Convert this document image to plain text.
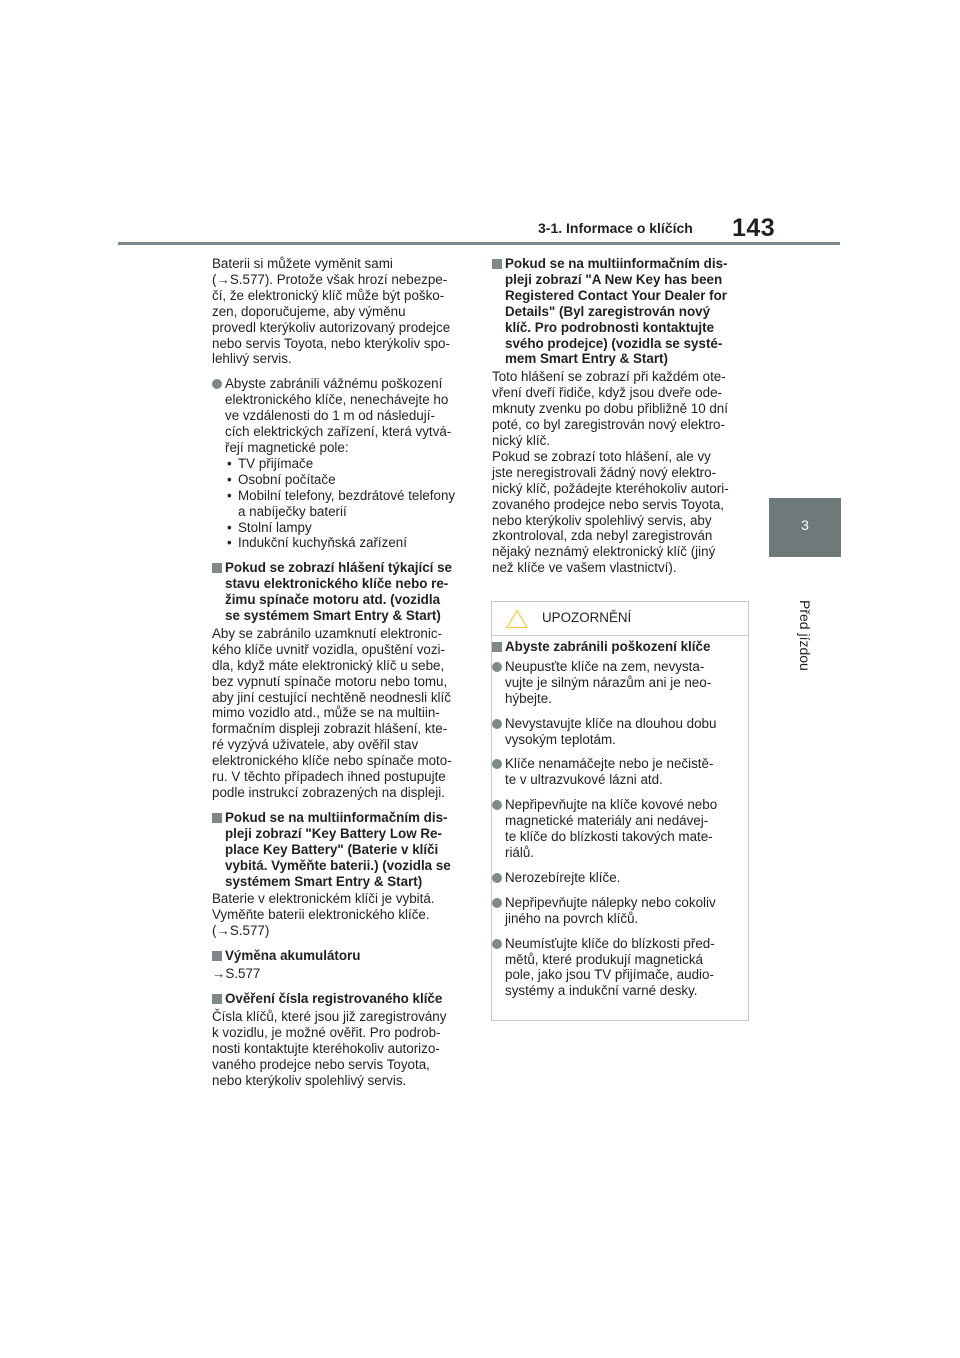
3-1. Informace o klíčích 143
3
Před jízdou

Baterii si můžete vyměnit sami
(→S.577). Protože však hrozí nebezpe-
čí, že elektronický klíč může být poško-
zen, doporučujeme, aby výměnu
provedl kterýkoliv autorizovaný prodejce
nebo servis Toyota, nebo kterýkoliv spo-
lehlivý servis.

Abyste zabránili vážnému poškození
elektronického klíče, nenechávejte ho
ve vzdálenosti do 1 m od následují-
cích elektrických zařízení, která vytvá-
řejí magnetické pole:
• TV přijímače
• Osobní počítače
• Mobilní telefony, bezdrátové telefony
a nabíječky baterií
• Stolní lampy
• Indukční kuchyňská zařízení
Pokud se zobrazí hlášení týkající se
stavu elektronického klíče nebo re-
žimu spínače motoru atd. (vozidla
se systémem Smart Entry & Start)

Aby se zabránilo uzamknutí elektronic-
kého klíče uvnitř vozidla, opuštění vozi-
dla, když máte elektronický klíč u sebe,
bez vypnutí spínače motoru nebo tomu,
aby jiní cestující nechtěně neodnesli klíč
mimo vozidlo atd., může se na multiin-
formačním displeji zobrazit hlášení, kte-
ré vyzývá uživatele, aby ověřil stav
elektronického klíče nebo spínače moto-
ru. V těchto případech ihned postupujte
podle instrukcí zobrazených na displeji.

Pokud se na multiinformačním dis-
pleji zobrazí "Key Battery Low Re-
place Key Battery" (Baterie v klíči
vybitá. Vyměňte baterii.) (vozidla se
systémem Smart Entry & Start)

Baterie v elektronickém klíči je vybitá.
Vyměňte baterii elektronického klíče.
(→S.577)

Výměna akumulátoru

→S.577

Ověření čísla registrovaného klíče

Čísla klíčů, které jsou již zaregistrovány
k vozidlu, je možné ověřit. Pro podrob-
nosti kontaktujte kteréhokoliv autorizo-
vaného prodejce nebo servis Toyota,
nebo kterýkoliv spolehlivý servis.

Pokud se na multiinformačním dis-
pleji zobrazí "A New Key has been
Registered Contact Your Dealer for
Details" (Byl zaregistrován nový
klíč. Pro podrobnosti kontaktujte
svého prodejce) (vozidla se systé-
mem Smart Entry & Start)

Toto hlášení se zobrazí při každém ote-
vření dveří řidiče, když jsou dveře ode-
mknuty zvenku po dobu přibližně 10 dní
poté, co byl zaregistrován nový elektro-
nický klíč.
Pokud se zobrazí toto hlášení, ale vy
jste neregistrovali žádný nový elektro-
nický klíč, požádejte kteréhokoliv autori-
zovaného prodejce nebo servis Toyota,
nebo kterýkoliv spolehlivý servis, aby
zkontroloval, zda nebyl zaregistrován
nějaký neznámý elektronický klíč (jiný
než klíče ve vašem vlastnictví).

UPOZORNĚNÍ
Abyste zabránili poškození klíče
Neupusťte klíče na zem, nevysta-
vujte je silným nárazům ani je neo-
hýbejte.
Nevystavujte klíče na dlouhou dobu
vysokým teplotám.
Klíče nenamáčejte nebo je nečistě-
te v ultrazvukové lázni atd.
Nepřipevňujte na klíče kovové nebo
magnetické materiály ani nedávej-
te klíče do blízkosti takových mate-
riálů.
Nerozebírejte klíče.
Nepřipevňujte nálepky nebo cokoliv
jiného na povrch klíčů.
Neumísťujte klíče do blízkosti před-
mětů, které produkují magnetická
pole, jako jsou TV přijímače, audio-
systémy a indukční varné desky.
